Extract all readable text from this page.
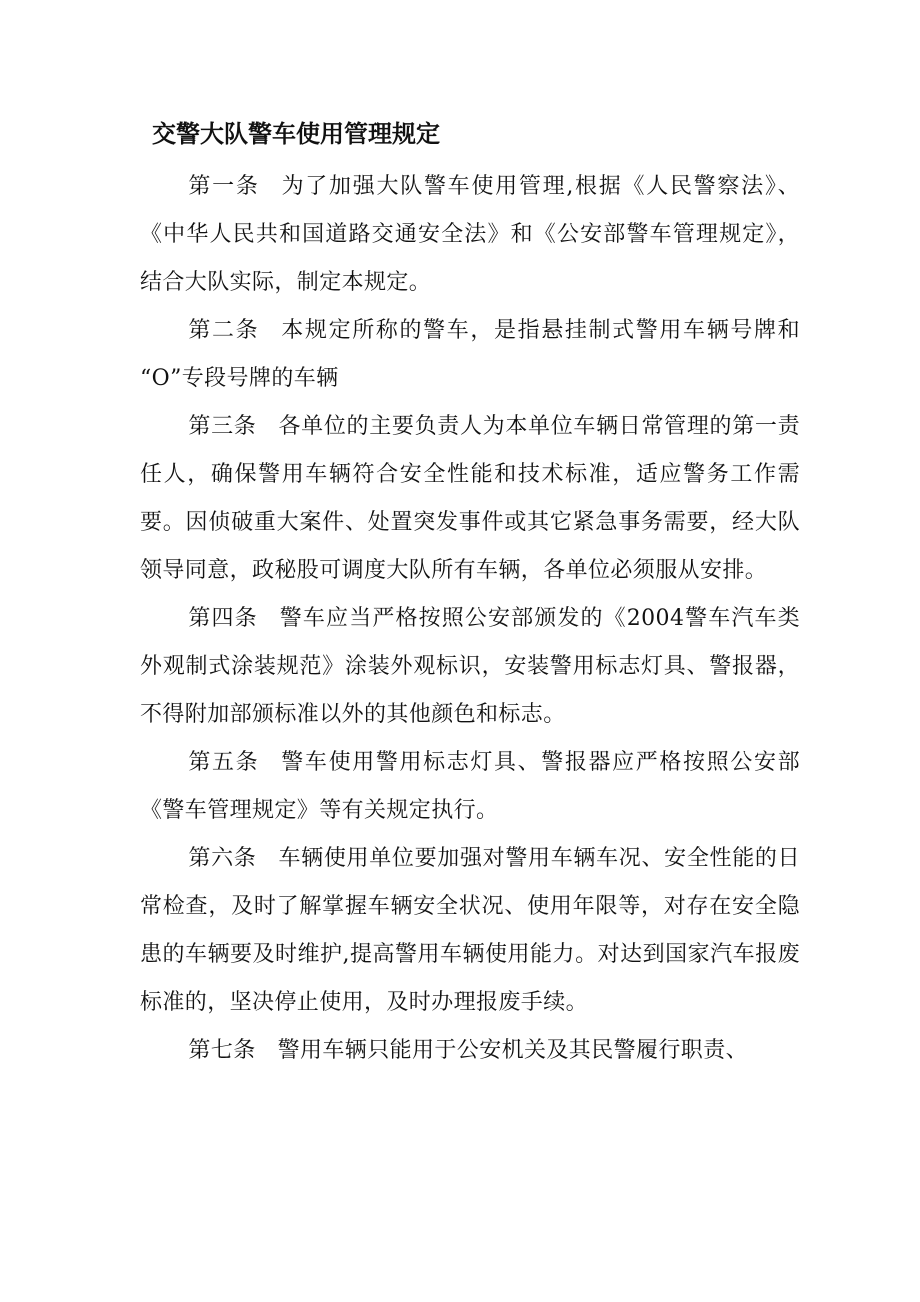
交警大队警车使用管理规定

第一条 为了加强大队警车使用管理,根据《人民警察法》、《中华人民共和国道路交通安全法》和《公安部警车管理规定》，结合大队实际，制定本规定。

第二条 本规定所称的警车，是指悬挂制式警用车辆号牌和 “O”专段号牌的车辆

第三条 各单位的主要负责人为本单位车辆日常管理的第一责任人，确保警用车辆符合安全性能和技术标准，适应警务工作需要。因侦破重大案件、处置突发事件或其它紧急事务需要，经大队领导同意，政秘股可调度大队所有车辆，各单位必须服从安排。

第四条 警车应当严格按照公安部颁发的《2004警车汽车类外观制式涂装规范》涂装外观标识，安装警用标志灯具、警报器，不得附加部颁标准以外的其他颜色和标志。

第五条 警车使用警用标志灯具、警报器应严格按照公安部《警车管理规定》等有关规定执行。

第六条 车辆使用单位要加强对警用车辆车况、安全性能的日常检查，及时了解掌握车辆安全状况、使用年限等，对存在安全隐患的车辆要及时维护,提高警用车辆使用能力。对达到国家汽车报废标准的，坚决停止使用，及时办理报废手续。

第七条 警用车辆只能用于公安机关及其民警履行职责、
